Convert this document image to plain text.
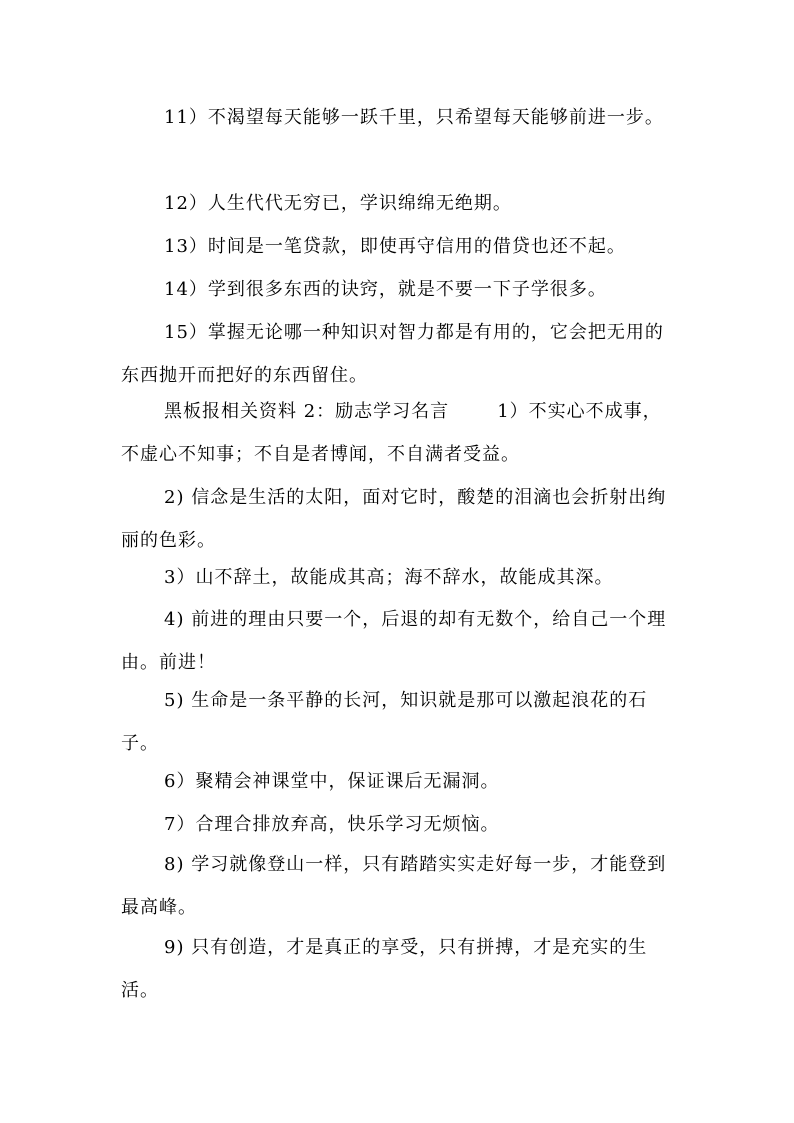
11）不渴望每天能够一跃千里，只希望每天能够前进一步。

12）人生代代无穷已，学识绵绵无绝期。

13）时间是一笔贷款，即使再守信用的借贷也还不起。

14）学到很多东西的诀窍，就是不要一下子学很多。

15）掌握无论哪一种知识对智力都是有用的，它会把无用的东西抛开而把好的东西留住。

黑板报相关资料 2：励志学习名言	1）不实心不成事，不虚心不知事；不自是者博闻，不自满者受益。

2) 信念是生活的太阳，面对它时，酸楚的泪滴也会折射出绚丽的色彩。

3）山不辞土，故能成其高；海不辞水，故能成其深。

4) 前进的理由只要一个，后退的却有无数个，给自己一个理由。前进！

5) 生命是一条平静的长河，知识就是那可以激起浪花的石子。

6）聚精会神课堂中，保证课后无漏洞。

7）合理合排放弃高，快乐学习无烦恼。

8) 学习就像登山一样，只有踏踏实实走好每一步，才能登到最高峰。

9) 只有创造，才是真正的享受，只有拼搏，才是充实的生活。
